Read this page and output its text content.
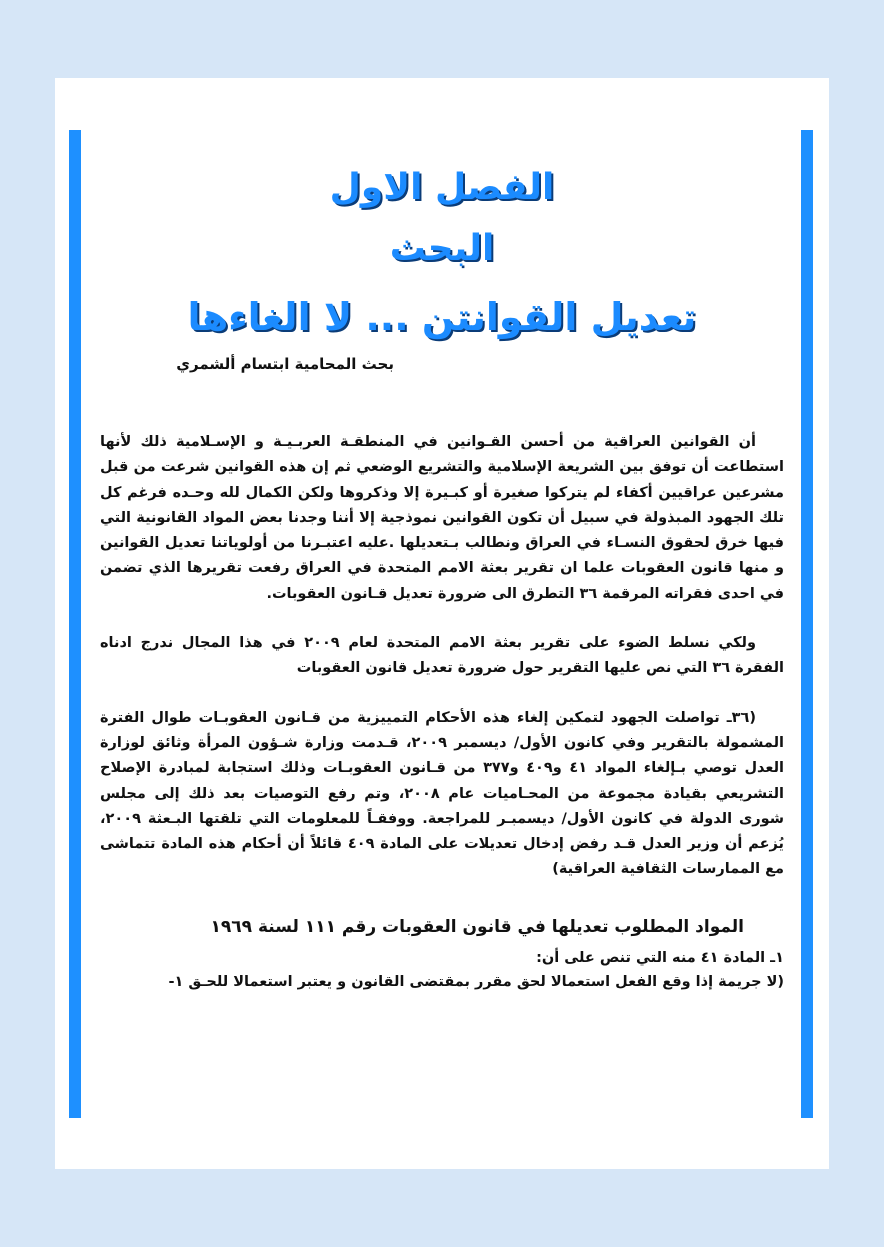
الفصل الاول

البحث

تعديل القوانتن ... لا الغاءها

بحث المحامية ابتسام ألشمري

أن القوانين العراقية من أحسن القـوانين في المنطقـة العربـيـة و الإسـلامية ذلك لأنها استطاعت أن توفق بين الشريعة الإسلامية والتشريع الوضعي ثم إن هذه القوانين شرعت من قبل مشرعين عراقيين أكفاء لم يتركوا صغيرة أو كبـيرة إلا وذكروها ولكن الكمال لله وحـده فرغم كل تلك الجهود المبذولة في سبيل أن تكون القوانين نموذجية إلا أننا وجدنا بعض المواد القانونية التي فيها خرق لحقوق النسـاء في العراق ونطالب بـتعديلها .عليه اعتبـرنا من أولوياتنا تعديل القوانين و منها قانون العقوبات علما ان تقرير بعثة الامم المتحدة في العراق رفعت تقريرها الذي تضمن في احدى فقراته المرقمة ٣٦ التطرق الى ضرورة تعديل قـانون العقوبات.

ولكي نسلط الضوء على تقرير بعثة الامم المتحدة لعام ٢٠٠٩ في هذا المجال ندرج ادناه الفقرة ٣٦ التي نص عليها التقرير حول ضرورة تعديل قانون العقوبات

(٣٦ـ تواصلت الجهود لتمكين إلغاء هذه الأحكام التمييزية من قـانون العقوبـات طوال الفترة المشمولة بالتقرير وفي كانون الأول/ ديسمبر ٢٠٠٩، قـدمت وزارة شـؤون المرأة وثائق لوزارة العدل توصي بـإلغاء المواد ٤١ و٤٠٩ و٣٧٧ من قـانون العقوبـات وذلك استجابة لمبادرة الإصلاح التشريعي بقيادة مجموعة من المحـاميات عام ٢٠٠٨، وتم رفع التوصيات بعد ذلك إلى مجلس شورى الدولة في كانون الأول/ ديسمبـر للمراجعة. ووفقـاً للمعلومات التي تلقتها البـعثة ٢٠٠٩، يُزعم أن وزير العدل قـد رفض إدخال تعديلات على المادة ٤٠٩ قائلاً أن أحكام هذه المادة تتماشى مع الممارسات الثقافية العراقية)

المواد المطلوب تعديلها في قانون العقوبات رقم ١١١ لسنة ١٩٦٩

١ـ المادة ٤١ منه التي تنص على أن:

(لا جريمة إذا وقع الفعل استعمالا لحق مقرر بمقتضى القانون و يعتبر استعمالا للحـق ١-
